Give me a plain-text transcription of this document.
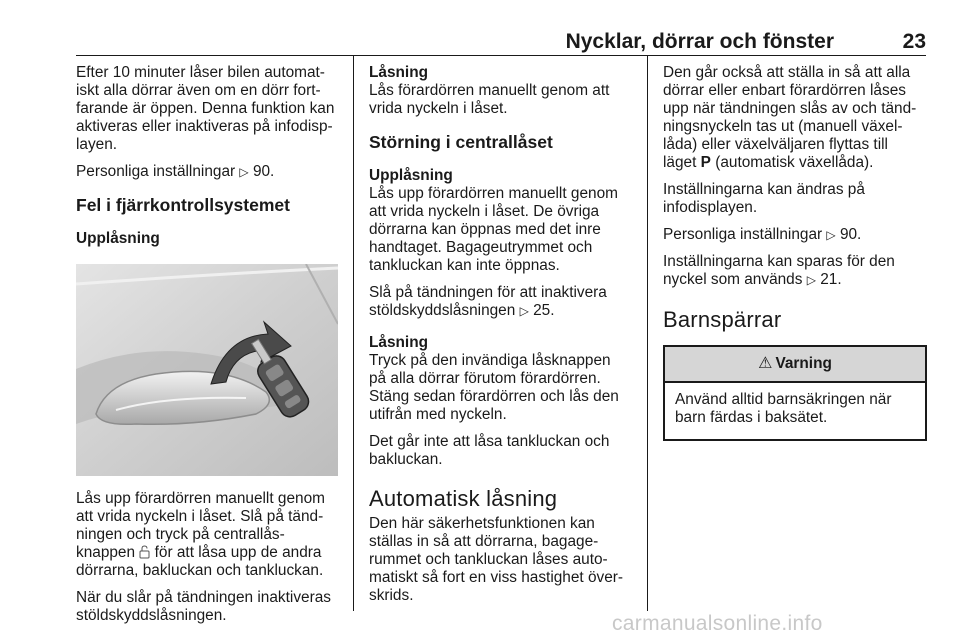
Nycklar, dörrar och fönster	23

Efter 10 minuter låser bilen automat-
iskt alla dörrar även om en dörr fort-
farande är öppen. Denna funktion kan
aktiveras eller inaktiveras på infodisp-
layen.

Personliga inställningar ▷ 90.

Fel i fjärrkontrollsystemet
Upplåsning

Lås upp förardörren manuellt genom
att vrida nyckeln i låset. Slå på tänd-
ningen och tryck på centrallås-
knappen för att låsa upp de andra
dörrarna, bakluckan och tankluckan.

När du slår på tändningen inaktiveras
stöldskyddslåsningen.

Låsning

Lås förardörren manuellt genom att
vrida nyckeln i låset.

Störning i centrallåset
Upplåsning

Lås upp förardörren manuellt genom
att vrida nyckeln i låset. De övriga
dörrarna kan öppnas med det inre
handtaget. Bagageutrymmet och
tankluckan kan inte öppnas.

Slå på tändningen för att inaktivera
stöldskyddslåsningen ▷ 25.

Låsning

Tryck på den invändiga låsknappen
på alla dörrar förutom förardörren.
Stäng sedan förardörren och lås den
utifrån med nyckeln.

Det går inte att låsa tankluckan och
bakluckan.

Automatisk låsning

Den här säkerhetsfunktionen kan
ställas in så att dörrarna, bagage-
rummet och tankluckan låses auto-
matiskt så fort en viss hastighet över-
skrids.

Den går också att ställa in så att alla
dörrar eller enbart förardörren låses
upp när tändningen slås av och tänd-
ningsnyckeln tas ut (manuell växel-
låda) eller växelväljaren flyttas till
läget P (automatisk växellåda).

Inställningarna kan ändras på
infodisplayen.

Personliga inställningar ▷ 90.

Inställningarna kan sparas för den
nyckel som används ▷ 21.

Barnspärrar
⚠ Varning
Använd alltid barnsäkringen när
barn färdas i baksätet.
carmanualsonline.info
